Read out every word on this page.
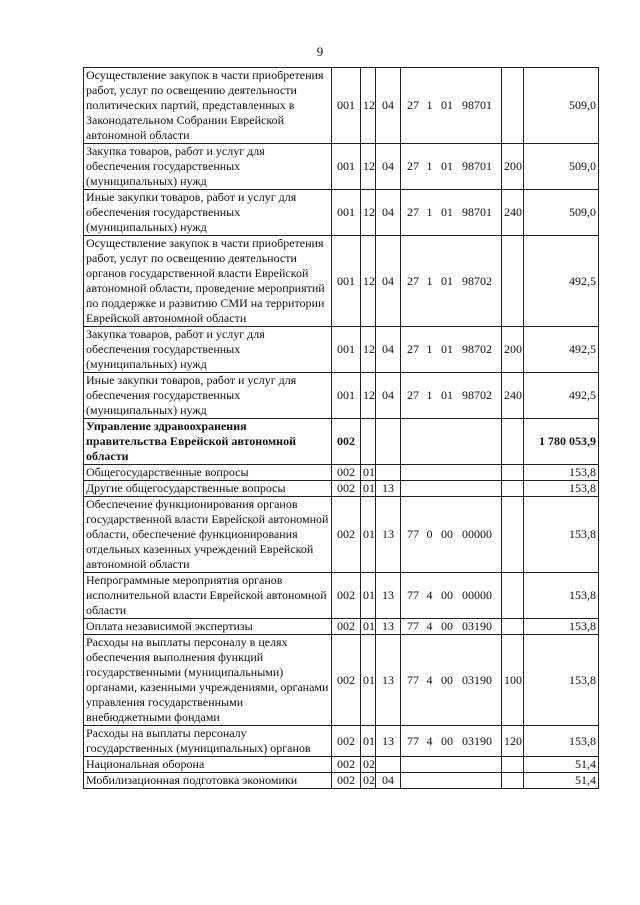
9
Осуществление закупок в части приобретения работ, услуг по освещению деятельности политических партий, представленных в Законодательном Собрании Еврейской автономной области	001	12	04	27 1 01 98701		509,0
Закупка товаров, работ и услуг для обеспечения государственных (муниципальных) нужд	001	12	04	27 1 01 98701	200	509,0
Иные закупки товаров, работ и услуг для обеспечения государственных (муниципальных) нужд	001	12	04	27 1 01 98701	240	509,0
Осуществление закупок в части приобретения работ, услуг по освещению деятельности органов государственной власти Еврейской автономной области, проведение мероприятий по поддержке и развитию СМИ на территории Еврейской автономной области	001	12	04	27 1 01 98702		492,5
Закупка товаров, работ и услуг для обеспечения государственных (муниципальных) нужд	001	12	04	27 1 01 98702	200	492,5
Иные закупки товаров, работ и услуг для обеспечения государственных (муниципальных) нужд	001	12	04	27 1 01 98702	240	492,5
Управление здравоохранения правительства Еврейской автономной области	002					1 780 053,9
Общегосударственные вопросы	002	01				153,8
Другие общегосударственные вопросы	002	01	13			153,8
Обеспечение функционирования органов государственной власти Еврейской автономной области, обеспечение функционирования отдельных казенных учреждений Еврейской автономной области	002	01	13	77 0 00 00000		153,8
Непрограммные мероприятия органов исполнительной власти Еврейской автономной области	002	01	13	77 4 00 00000		153,8
Оплата независимой экспертизы	002	01	13	77 4 00 03190		153,8
Расходы на выплаты персоналу в целях обеспечения выполнения функций государственными (муниципальными) органами, казенными учреждениями, органами управления государственными внебюджетными фондами	002	01	13	77 4 00 03190	100	153,8
Расходы на выплаты персоналу государственных (муниципальных) органов	002	01	13	77 4 00 03190	120	153,8
Национальная оборона	002	02				51,4
Мобилизационная подготовка экономики	002	02	04			51,4
